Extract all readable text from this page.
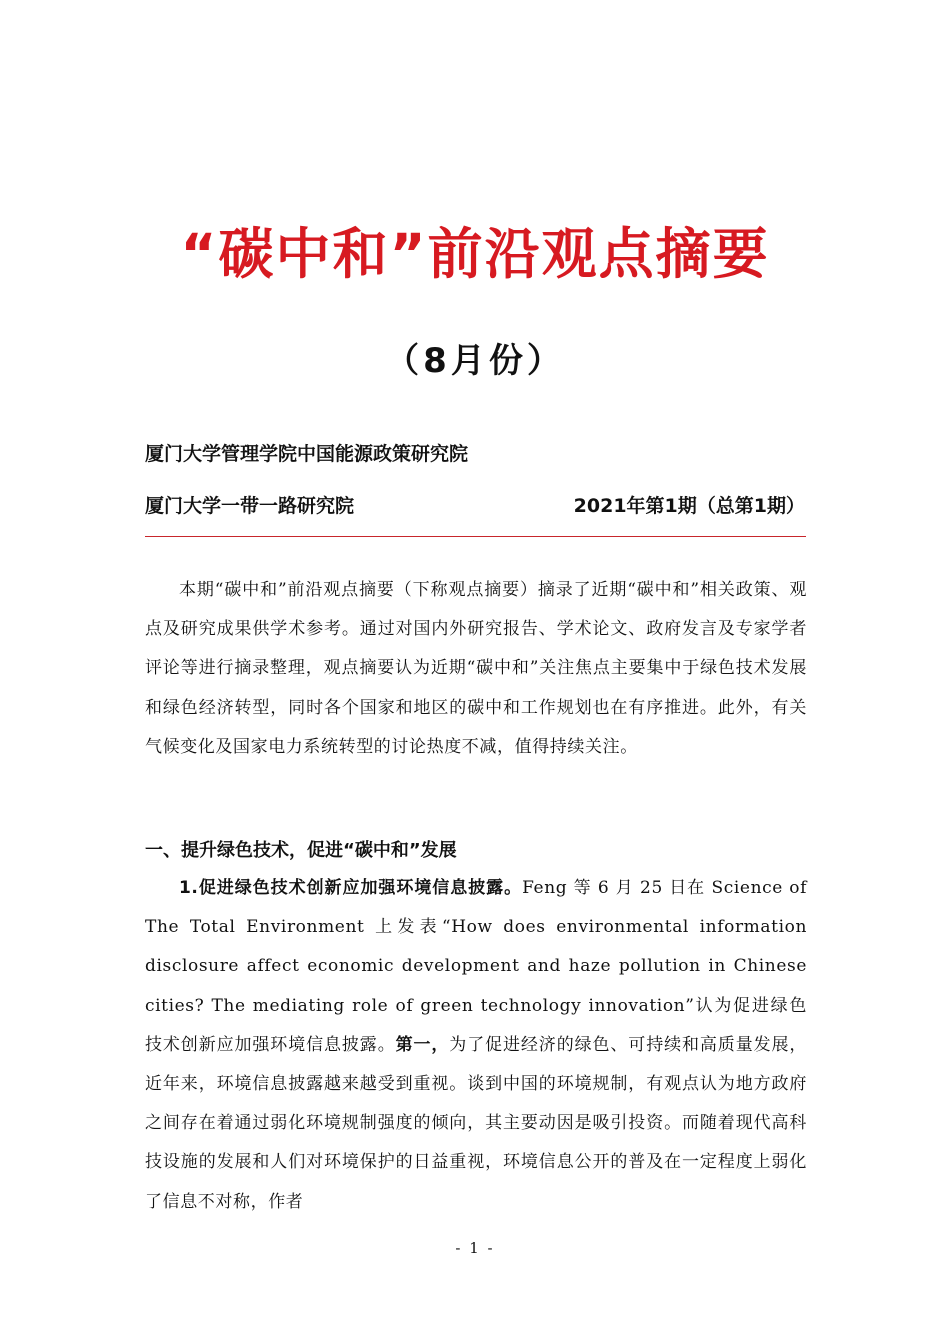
“碳中和”前沿观点摘要
（8月份）
厦门大学管理学院中国能源政策研究院
厦门大学一带一路研究院	2021年第1期（总第1期）
本期“碳中和”前沿观点摘要（下称观点摘要）摘录了近期“碳中和”相关政策、观点及研究成果供学术参考。通过对国内外研究报告、学术论文、政府发言及专家学者评论等进行摘录整理，观点摘要认为近期“碳中和”关注焦点主要集中于绿色技术发展和绿色经济转型，同时各个国家和地区的碳中和工作规划也在有序推进。此外，有关气候变化及国家电力系统转型的讨论热度不减，值得持续关注。
一、提升绿色技术，促进“碳中和”发展
1.促进绿色技术创新应加强环境信息披露。Feng 等 6 月 25 日在 Science of The Total Environment 上发表“How does environmental information disclosure affect economic development and haze pollution in Chinese cities? The mediating role of green technology innovation”认为促进绿色技术创新应加强环境信息披露。第一，为了促进经济的绿色、可持续和高质量发展，近年来，环境信息披露越来越受到重视。谈到中国的环境规制，有观点认为地方政府之间存在着通过弱化环境规制强度的倾向，其主要动因是吸引投资。而随着现代高科技设施的发展和人们对环境保护的日益重视，环境信息公开的普及在一定程度上弱化了信息不对称，作者
- 1 -
